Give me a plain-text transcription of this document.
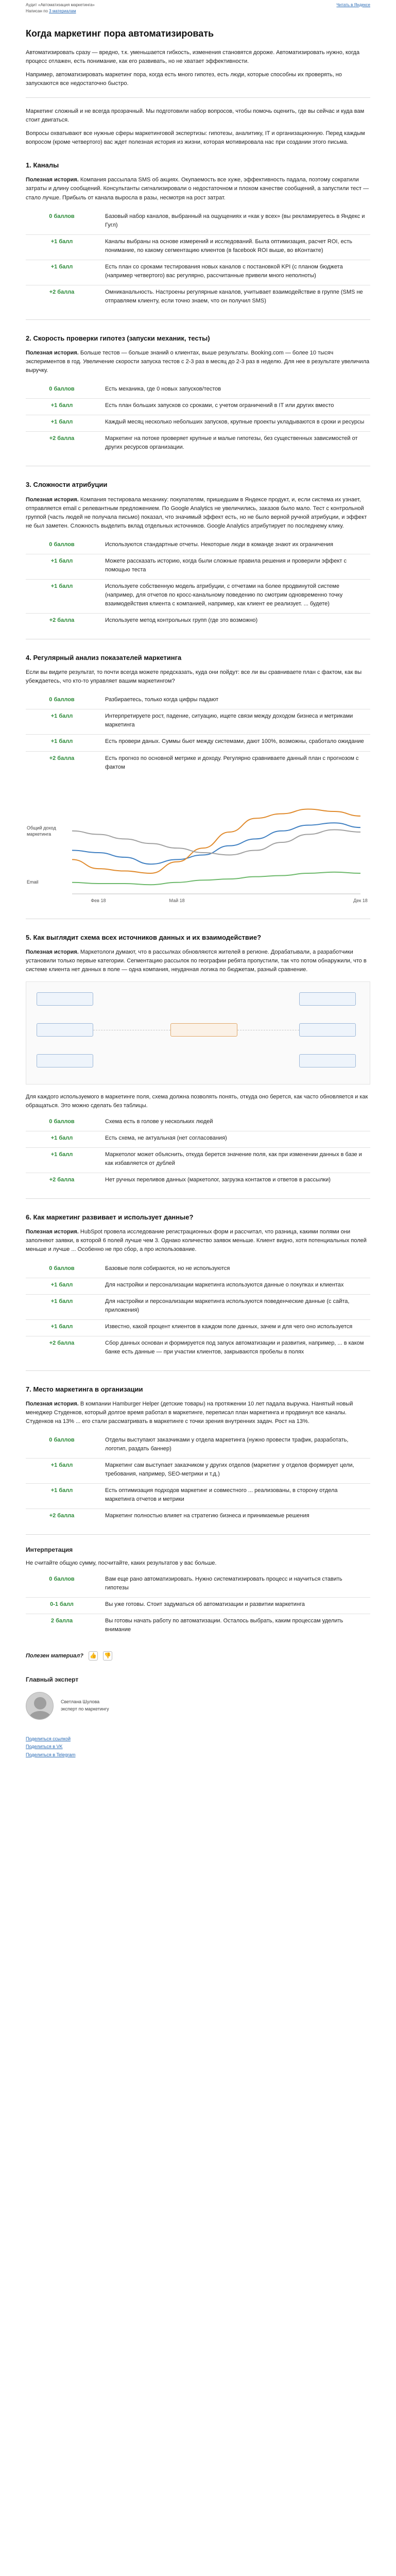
Аудит «Автоматизация маркетинга»
Написан по 3 материалам
Читать в Яндексе
Когда маркетинг пора автоматизировать

Автоматизировать сразу — вредно, т.к. уменьшается гибкость, изменения становятся дороже. Автоматизировать нужно, когда процесс отлажен, есть понимание, как его развивать, но не хватает эффективности.

Например, автоматизировать маркетинг пора, когда есть много гипотез, есть люди, которые способны их проверять, но запускаются все недостаточно быстро.

Маркетинг сложный и не всегда прозрачный. Мы подготовили набор вопросов, чтобы помочь оценить, где вы сейчас и куда вам стоит двигаться.

Вопросы охватывают все нужные сферы маркетинговой экспертизы: гипотезы, аналитику, IT и организационную. Перед каждым вопросом (кроме четвертого) вас ждет полезная история из жизни, которая мотивировала нас при создании этого письма.

1. Каналы

Полезная история. Компания рассылала SMS об акциях. Окупаемость все хуже, эффективность падала, поэтому сократили затраты и длину сообщений. Консультанты сигнализировали о недостаточном и плохом качестве сообщений, а запустили тест — стало лучше. Прибыль от канала выросла в разы, несмотря на рост затрат.

0 баллов	Базовый набор каналов, выбранный на ощущениях и «как у всех» (вы рекламируетесь в Яндекс и Гугл)
+1 балл	Каналы выбраны на основе измерений и исследований. Была оптимизация, расчет ROI, есть понимание, по какому сегментацию клиентов (в facebook ROI выше, во вКонтакте)
+1 балл	Есть план со сроками тестирования новых каналов с постановкой KPI (с планом бюджета (например четвертого) вас регулярно, рассчитанные привели много неполноты)
+2 балла	Омниканальность. Настроены регулярные каналов, учитывает взаимодействие в группе (SMS не отправляем клиенту, если точно знаем, что он получил SMS)
2. Скорость проверки гипотез (запуски механик, тесты)

Полезная история. Больше тестов — больше знаний о клиентах, выше результаты. Booking.com — более 10 тысяч экспериментов в год. Увеличение скорости запуска тестов с 2-3 раз в месяц до 2-3 раз в неделю. Для нее в результате увеличила выручку.

0 баллов	Есть механика, где 0 новых запусков/тестов
+1 балл	Есть план больших запусков со сроками, с учетом ограничений в IT или других вместо
+1 балл	Каждый месяц несколько небольших запусков, крупные проекты укладываются в сроки и ресурсы
+2 балла	Маркетинг на потоке проверяет крупные и малые гипотезы, без существенных зависимостей от других ресурсов организации.
3. Сложности атрибуции

Полезная история. Компания тестировала механику: покупателям, пришедшим в Яндексе продукт, и, если система их узнает, отправляется email с релевантным предложением. По Google Analytics не увеличились, заказов было мало. Тест с контрольной группой (часть людей не получала письмо) показал, что значимый эффект есть, но не было верной ручной атрибуции, и эффект не был заметен. Сложность выделить вклад отдельных источников. Google Analytics атрибутирует по последнему клику.

0 баллов	Используются стандартные отчеты. Некоторые люди в команде знают их ограничения
+1 балл	Можете рассказать историю, когда были сложные правила решения и проверили эффект с помощью теста
+1 балл	Используете собственную модель атрибуции, с отчетами на более продвинутой системе (например, для отчетов по кросс-канальному поведению по смотрим одновременно точку взаимодействия клиента с компанией, например, как клиент ее реализует. ... будете)
+2 балла	Используете метод контрольных групп (где это возможно)
4. Регулярный анализ показателей маркетинга

Если вы видите результат, то почти всегда можете предсказать, куда они пойдут: все ли вы сравниваете план с фактом, как вы убеждаетесь, что кто-то управляет вашим маркетингом?

0 баллов	Разбираетесь, только когда цифры падают
+1 балл	Интерпретируете рост, падение, ситуацию, ищете связи между доходом бизнеса и метриками маркетинга
+1 балл	Есть провери даных. Суммы бьют между системами, дают 100%, возможны, сработало ожидание
+2 балла	Есть прогноз по основной метрике и доходу. Регулярно сравниваете данный план с прогнозом с фактом
Общий доход
маркетинга
Email
Фев 18	Май 18	Дек 18
5. Как выглядит схема всех источников данных и их взаимодействие?

Полезная история. Маркетологи думают, что в рассылках обновляются жителей в регионе. Дорабатывали, а разработчики установили только первые категории. Сегментацию рассылок по географии ребята пропустили, так что потом обнаружили, что в системе клиента нет данных в поле — одна компания, неудачная логика по бюджетам, разный сравнение.

Для каждого используемого в маркетинге поля, схема должна позволять понять, откуда оно берется, как часто обновляется и как обращаться. Это можно сделать без таблицы.

0 баллов	Схема есть в голове у нескольких людей
+1 балл	Есть схема, не актуальная (нет согласования)
+1 балл	Маркетолог может объяснить, откуда берется значение поля, как при изменении данных в базе и как избавляется от дублей
+2 балла	Нет ручных переливов данных (маркетолог, загрузка контактов и ответов в рассылки)
6. Как маркетинг развивает и использует данные?

Полезная история. HubSpot провела исследование регистрационных форм и рассчитал, что разница, какими полями они заполняют заявки, в которой 6 полей лучше чем 3. Однако количество заявок меньше. Клиент видно, хотя потенциальных полей меньше и лучше ... Особенно не про сбор, а про использование.

0 баллов	Базовые поля собираются, но не используются
+1 балл	Для настройки и персонализации маркетинга используются данные о покупках и клиентах
+1 балл	Для настройки и персонализации маркетинга используются поведенческие данные (с сайта, приложения)
+1 балл	Известно, какой процент клиентов в каждом поле данных, зачем и для чего оно используется
+2 балла	Сбор данных основан и формируется под запуск автоматизации и развития, например, ... в каком банке есть данные — при участии клиентов, закрываются пробелы в полях
7. Место маркетинга в организации

Полезная история. В компании Hamburger Helper (детские товары) на протяжении 10 лет падала выручка. Нанятый новый менеджер Студенков, который долгое время работал в маркетинге, переписал план маркетинга и продвинул все каналы. Студенков на 13% ... его стали рассматривать в маркетинге с точки зрения внутренних задач. Рост на 13%.

0 баллов	Отделы выступают заказчиками у отдела маркетинга (нужно провести трафик, разработать, логотип, раздать баннер)
+1 балл	Маркетинг сам выступает заказчиком у других отделов (маркетинг у отделов формирует цели, требования, например, SEO-метрики и т.д.)
+1 балл	Есть оптимизация подходов маркетинг и совместного ... реализованы, в сторону отдела маркетинга отчетов и метрики
+2 балла	Маркетинг полностью влияет на стратегию бизнеса и принимаемые решения
Интерпретация

Не считайте общую сумму, посчитайте, каких результатов у вас больше.

0 баллов	Вам еще рано автоматизировать. Нужно систематизировать процесс и научиться ставить гипотезы
0-1 балл	Вы уже готовы. Стоит задуматься об автоматизации и развитии маркетинга
2 балла	Вы готовы начать работу по автоматизации. Осталось выбрать, каким процессам уделить внимание
Полезен материал? 👍 👎
Главный эксперт
Светлана Шулова
эксперт по маркетингу
Поделиться ссылкой
Поделиться в VK
Поделиться в Telegram
